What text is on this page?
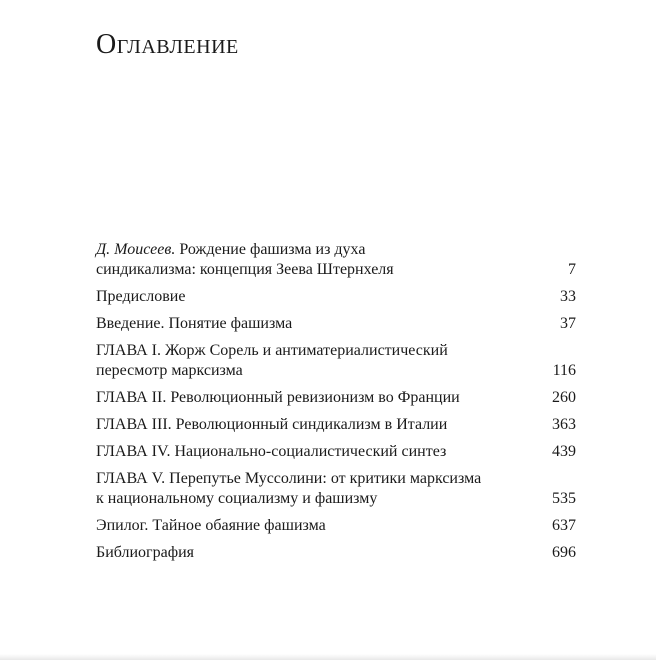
Оглавление
Д. Моисеев. Рождение фашизма из духа
синдикализма: концепция Зеева Штернхеля	7
Предисловие	33
Введение. Понятие фашизма	37
ГЛАВА I. Жорж Сорель и антиматериалистический
пересмотр марксизма	116
ГЛАВА II. Революционный ревизионизм во Франции	260
ГЛАВА III. Революционный синдикализм в Италии	363
ГЛАВА IV. Национально-социалистический синтез	439
ГЛАВА V. Перепутье Муссолини: от критики марксизма
к национальному социализму и фашизму	535
Эпилог. Тайное обаяние фашизма	637
Библиография	696
